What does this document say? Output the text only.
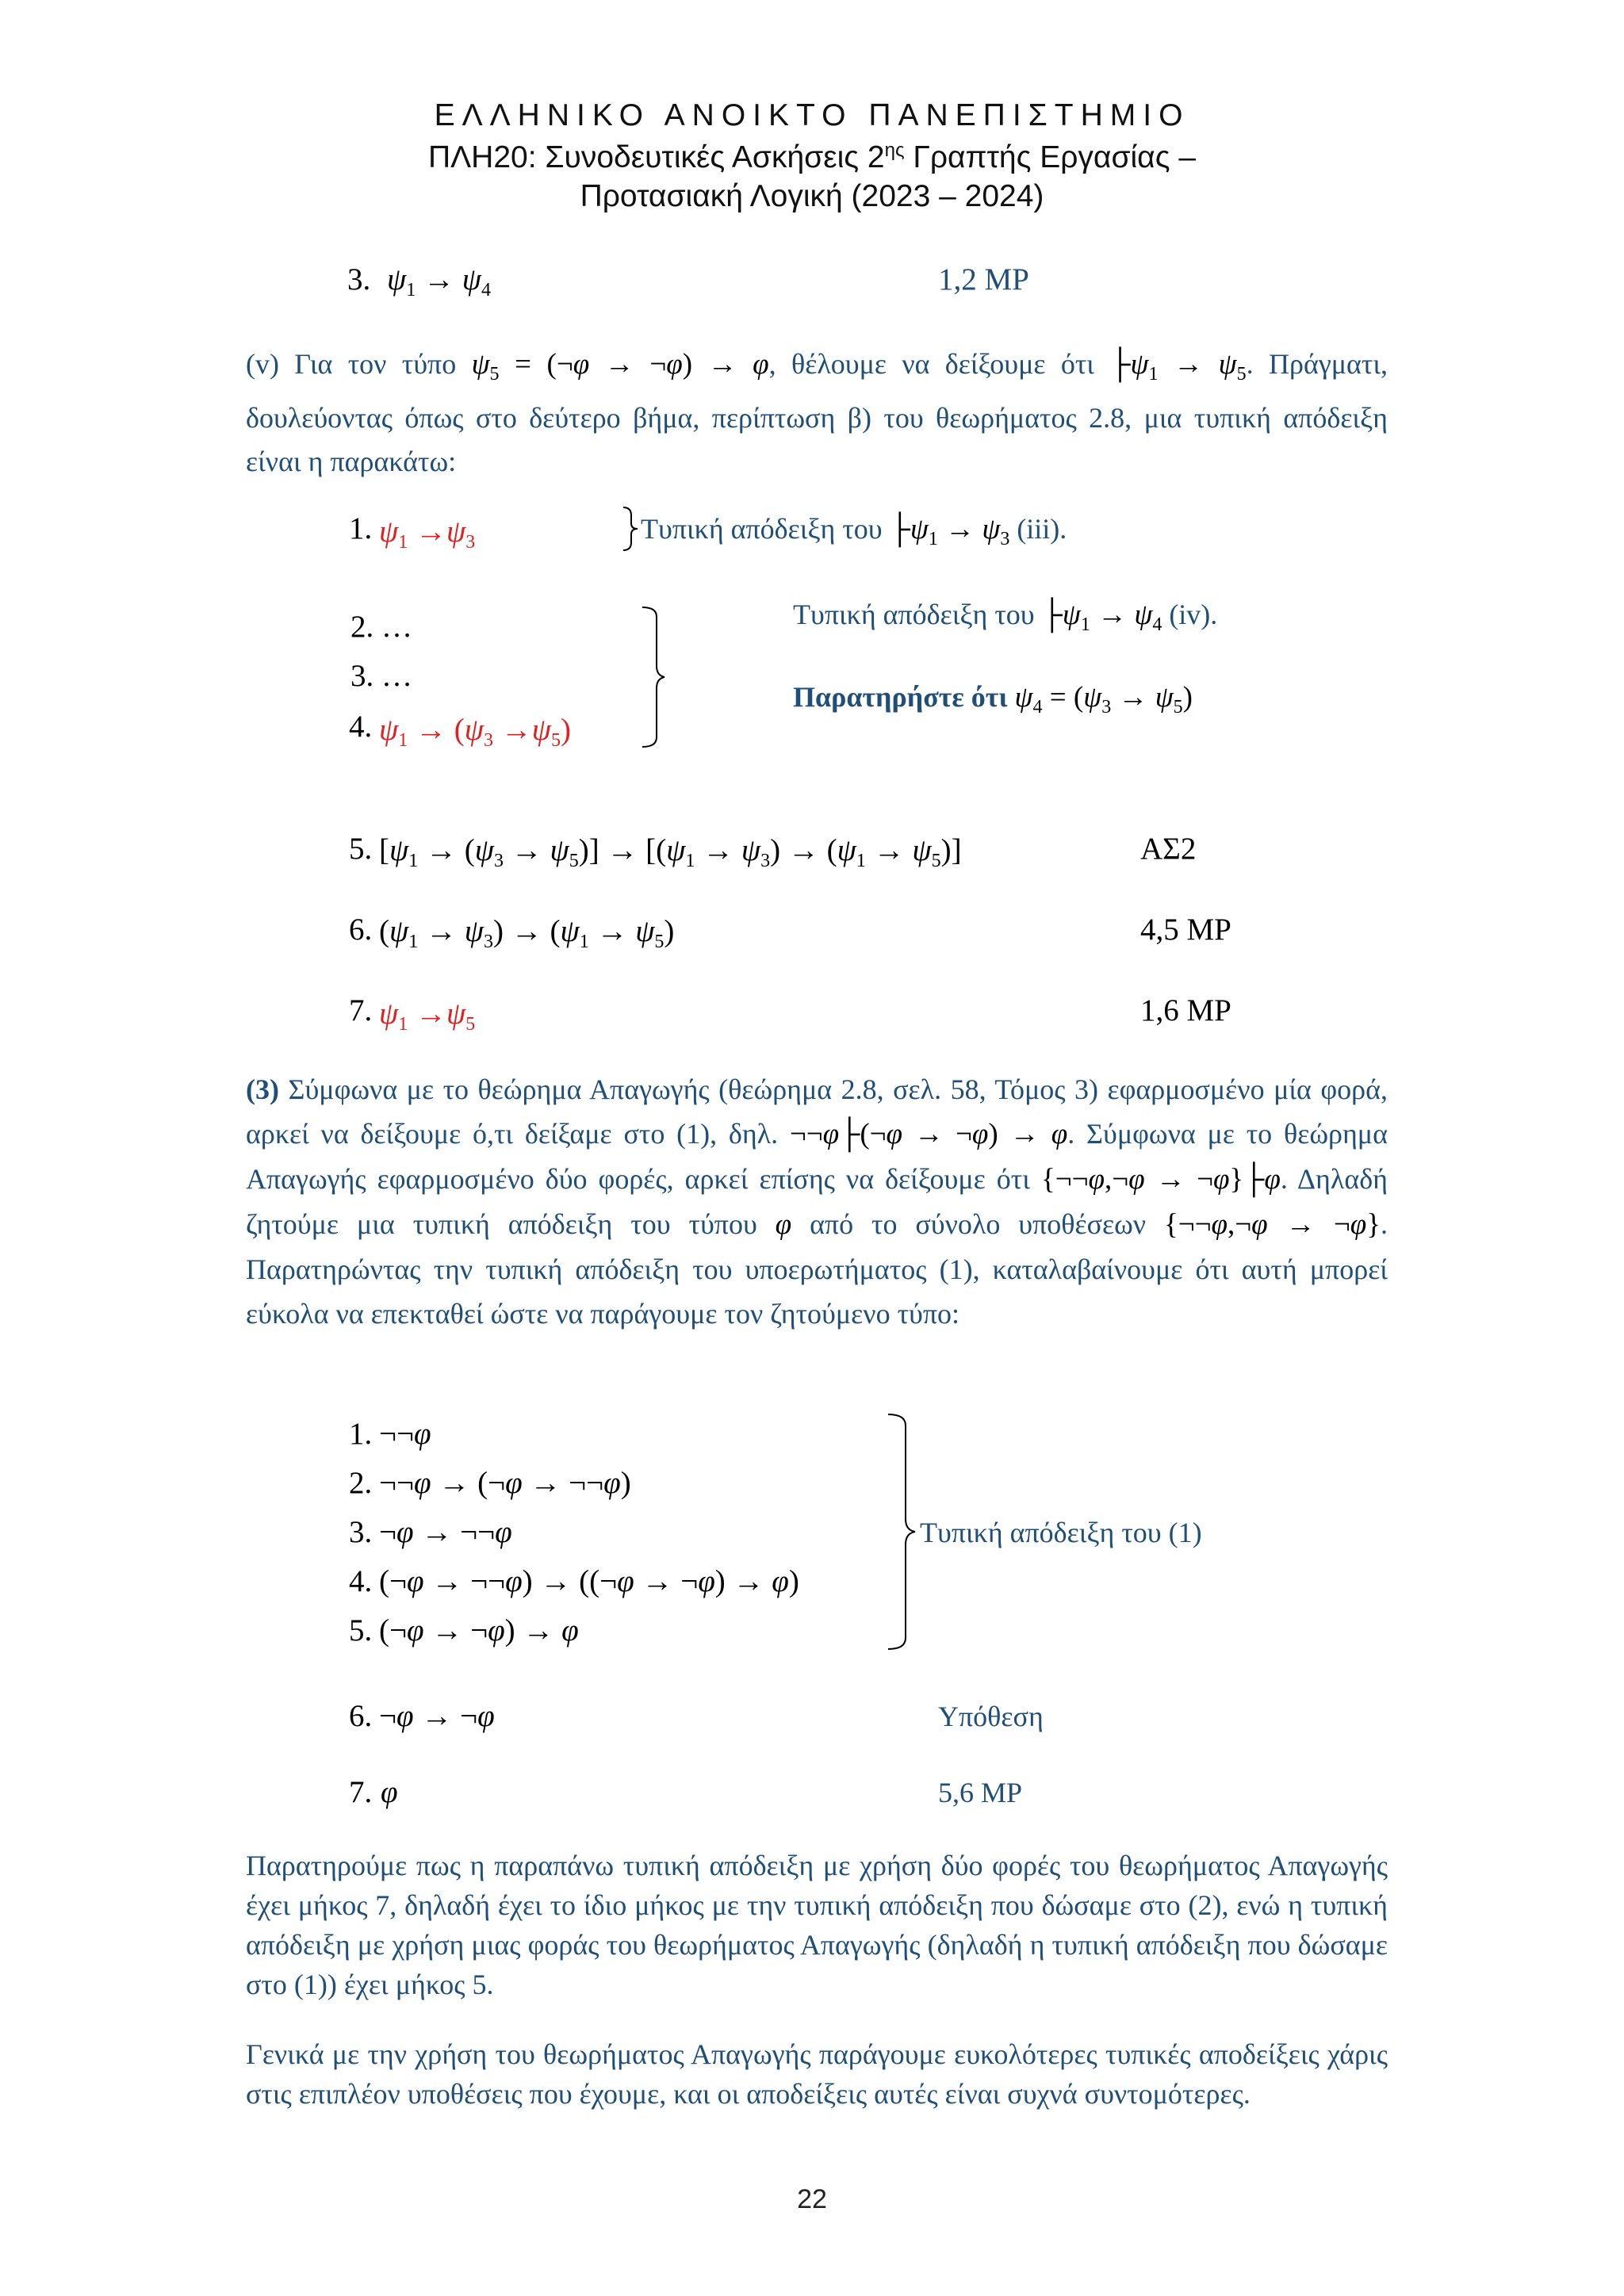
ΕΛΛΗΝΙΚΟ ΑΝΟΙΚΤΟ ΠΑΝΕΠΙΣΤΗΜΙΟ
ΠΛΗ20: Συνοδευτικές Ασκήσεις $2^{\eta\varsigma}$ Γραπτής Εργασίας –
Προτασιακή Λογική (2023 – 2024)
3. $\psi_1 \to \psi_4$	1,2 MP
(v) Για τον τύπο $\psi_5$ = (¬φ → ¬φ) → φ, θέλουμε να δείξουμε ότι $├\psi_1 \to \psi_5$. Πράγματι, δουλεύοντας όπως στο δεύτερο βήμα, περίπτωση β) του θεωρήματος 2.8, μια τυπική απόδειξη είναι η παρακάτω:
1. $\psi_1 \to\psi_3$	Τυπική απόδειξη του $├\psi_1 \to \psi_3$ (iii).
2. …
3. …
4. $\psi_1 \to (\psi_3 \to\psi_5)$
Τυπική απόδειξη του $├\psi_1 \to \psi_4$ (iv).
Παρατηρήστε ότι $\psi_4 = (\psi_3 \to \psi_5)$
5. $[\psi_1 \to (\psi_3 \to \psi_5)] \to [(\psi_1 \to \psi_3) \to (\psi_1 \to \psi_5)]$	ΑΣ2
6. $(\psi_1 \to \psi_3) \to (\psi_1 \to \psi_5)$	4,5 MP
7. $\psi_1 \to\psi_5$	1,6 MP
(3) Σύμφωνα με το θεώρημα Απαγωγής (θεώρημα 2.8, σελ. 58, Τόμος 3) εφαρμοσμένο μία φορά, αρκεί να δείξουμε ό,τι δείξαμε στο (1), δηλ. ¬¬φ├(¬φ → ¬φ) → φ. Σύμφωνα με το θεώρημα Απαγωγής εφαρμοσμένο δύο φορές, αρκεί επίσης να δείξουμε ότι {¬¬φ,¬φ → ¬φ}├φ. Δηλαδή ζητούμε μια τυπική απόδειξη του τύπου φ από το σύνολο υποθέσεων {¬¬φ,¬φ → ¬φ}. Παρατηρώντας την τυπική απόδειξη του υποερωτήματος (1), καταλαβαίνουμε ότι αυτή μπορεί εύκολα να επεκταθεί ώστε να παράγουμε τον ζητούμενο τύπο:
1. ¬¬φ
2. ¬¬φ → (¬φ → ¬¬φ)
3. ¬φ → ¬¬φ
4. (¬φ → ¬¬φ) → ((¬φ → ¬φ) → φ)
5. (¬φ → ¬φ) → φ
Τυπική απόδειξη του (1)
6. ¬φ → ¬φ	Υπόθεση
7. φ	5,6 MP
Παρατηρούμε πως η παραπάνω τυπική απόδειξη με χρήση δύο φορές του θεωρήματος Απαγωγής έχει μήκος 7, δηλαδή έχει το ίδιο μήκος με την τυπική απόδειξη που δώσαμε στο (2), ενώ η τυπική απόδειξη με χρήση μιας φοράς του θεωρήματος Απαγωγής (δηλαδή η τυπική απόδειξη που δώσαμε στο (1)) έχει μήκος 5.
Γενικά με την χρήση του θεωρήματος Απαγωγής παράγουμε ευκολότερες τυπικές αποδείξεις χάρις στις επιπλέον υποθέσεις που έχουμε, και οι αποδείξεις αυτές είναι συχνά συντομότερες.
22
